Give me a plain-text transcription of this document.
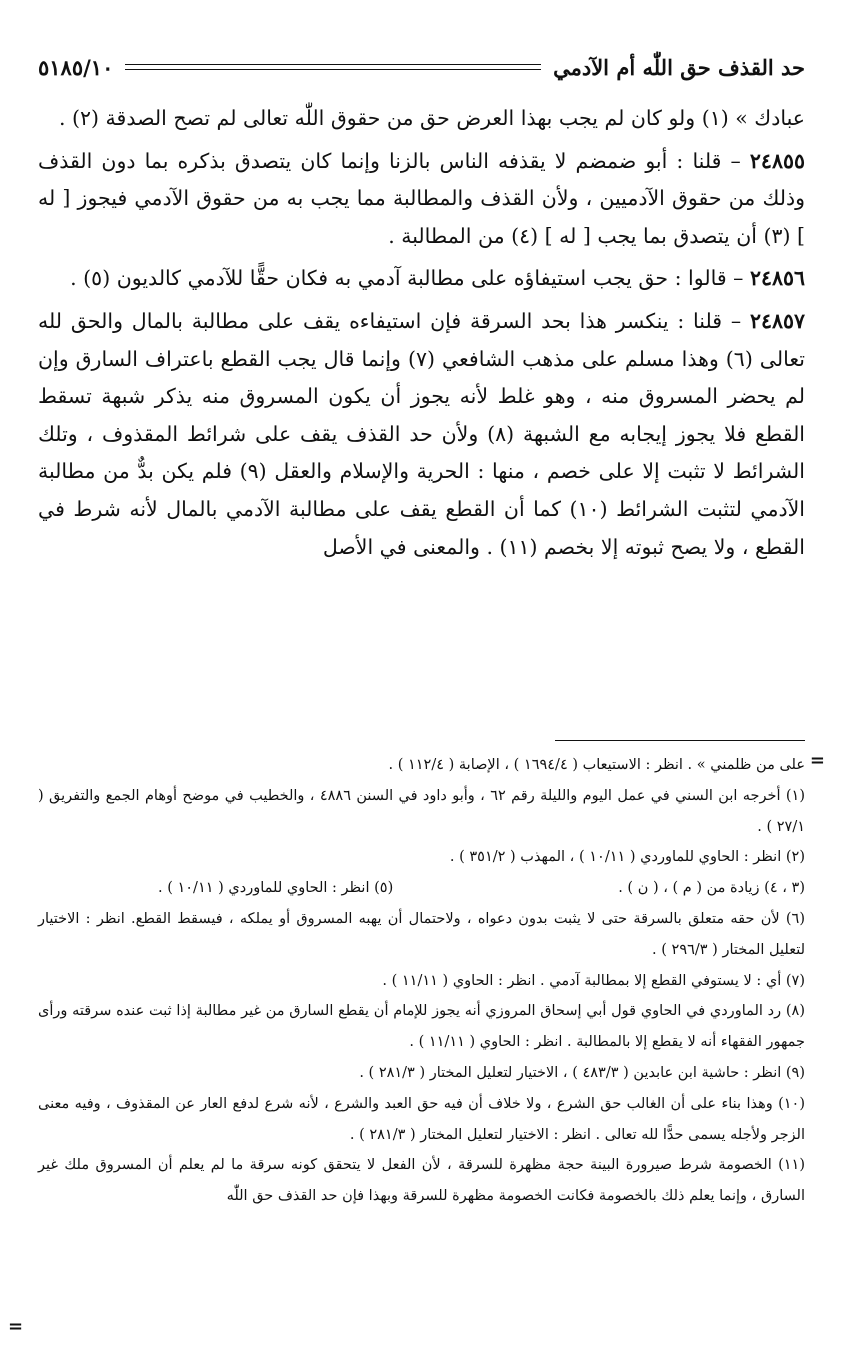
حد القذف حق اللّٰه أم الآدمي
٥١٨٥/١٠

عبادك » (١) ولو كان لم يجب بهذا العرض حق من حقوق اللّٰه تعالى لم تصح الصدقة (٢) .

٢٤٨٥٥ – قلنا : أبو ضمضم لا يقذفه الناس بالزنا وإنما كان يتصدق بذكره بما دون القذف وذلك من حقوق الآدميين ، ولأن القذف والمطالبة مما يجب به من حقوق الآدمي فيجوز [ له ] (٣) أن يتصدق بما يجب [ له ] (٤) من المطالبة .

٢٤٨٥٦ – قالوا : حق يجب استيفاؤه على مطالبة آدمي به فكان حقًّا للآدمي كالديون (٥) .

٢٤٨٥٧ – قلنا : ينكسر هذا بحد السرقة فإن استيفاءه يقف على مطالبة بالمال والحق لله تعالى (٦) وهذا مسلم على مذهب الشافعي (٧) وإنما قال يجب القطع باعتراف السارق وإن لم يحضر المسروق منه ، وهو غلط لأنه يجوز أن يكون المسروق منه يذكر شبهة تسقط القطع فلا يجوز إيجابه مع الشبهة (٨) ولأن حد القذف يقف على شرائط المقذوف ، وتلك الشرائط لا تثبت إلا على خصم ، منها : الحرية والإسلام والعقل (٩) فلم يكن بدٌّ من مطالبة الآدمي لتثبت الشرائط (١٠) كما أن القطع يقف على مطالبة الآدمي بالمال لأنه شرط في القطع ، ولا يصح ثبوته إلا بخصم (١١) . والمعنى في الأصل

=

على من ظلمني » . انظر : الاستيعاب ( ١٦٩٤/٤ ) ، الإصابة ( ١١٢/٤ ) .

(١) أخرجه ابن السني في عمل اليوم والليلة رقم ٦٢ ، وأبو داود في السنن ٤٨٨٦ ، والخطيب في موضح أوهام الجمع والتفريق ( ٢٧/١ ) .

(٢) انظر : الحاوي للماوردي ( ١٠/١١ ) ، المهذب ( ٣٥١/٢ ) .

(٣ ، ٤) زيادة من ( م ) ، ( ن ) .
(٥) انظر : الحاوي للماوردي ( ١٠/١١ ) .

(٦) لأن حقه متعلق بالسرقة حتى لا يثبت بدون دعواه ، ولاحتمال أن يهبه المسروق أو يملكه ، فيسقط القطع. انظر : الاختيار لتعليل المختار ( ٢٩٦/٣ ) .

(٧) أي : لا يستوفي القطع إلا بمطالبة آدمي . انظر : الحاوي ( ١١/١١ ) .

(٨) رد الماوردي في الحاوي قول أبي إسحاق المروزي أنه يجوز للإمام أن يقطع السارق من غير مطالبة إذا ثبت عنده سرقته ورأى جمهور الفقهاء أنه لا يقطع إلا بالمطالبة . انظر : الحاوي ( ١١/١١ ) .

(٩) انظر : حاشية ابن عابدين ( ٤٨٣/٣ ) ، الاختيار لتعليل المختار ( ٢٨١/٣ ) .

(١٠) وهذا بناء على أن الغالب حق الشرع ، ولا خلاف أن فيه حق العبد والشرع ، لأنه شرع لدفع العار عن المقذوف ، وفيه معنى الزجر ولأجله يسمى حدًّا لله تعالى . انظر : الاختيار لتعليل المختار ( ٢٨١/٣ ) .

(١١) الخصومة شرط صيرورة البينة حجة مظهرة للسرقة ، لأن الفعل لا يتحقق كونه سرقة ما لم يعلم أن المسروق ملك غير السارق ، وإنما يعلم ذلك بالخصومة فكانت الخصومة مظهرة للسرقة وبهذا فإن حد القذف حق اللّٰه

=
